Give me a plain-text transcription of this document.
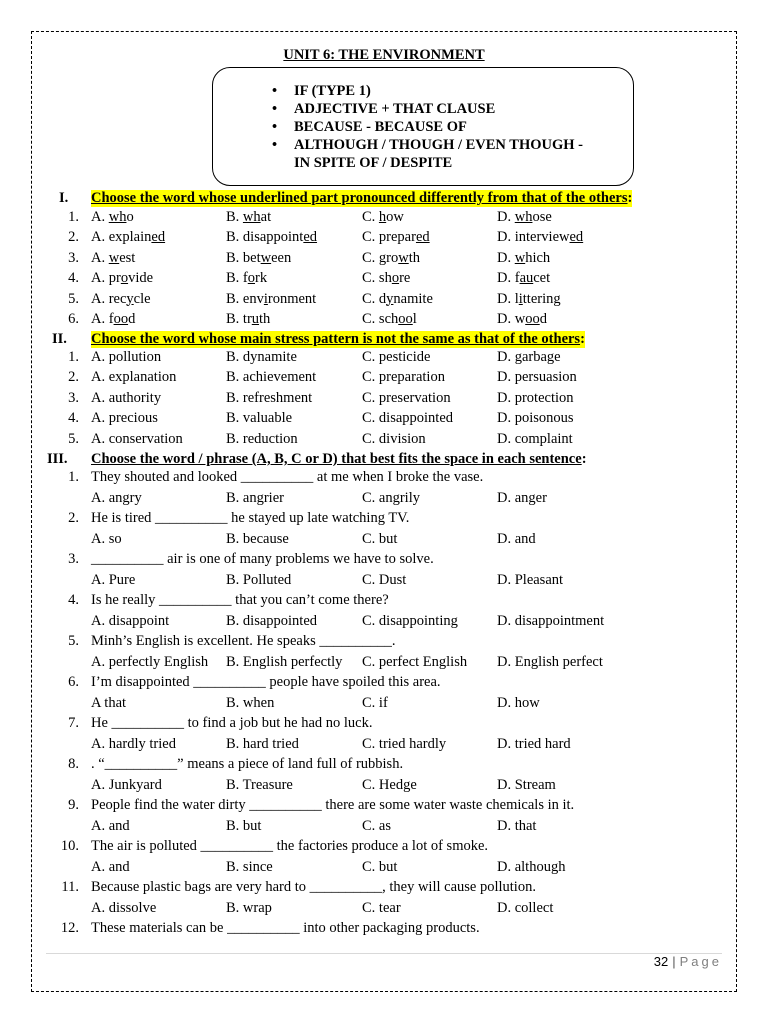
UNIT 6: THE ENVIRONMENT
• IF (TYPE 1)
• ADJECTIVE + THAT CLAUSE
• BECAUSE - BECAUSE OF
• ALTHOUGH / THOUGH / EVEN THOUGH -
IN SPITE OF / DESPITE
I. Choose the word whose underlined part pronounced differently from that of the others:
1. A. who	B. what	C. how	D. whose
2. A. explained	B. disappointed	C. prepared	D. interviewed
3. A. west	B. between	C. growth	D. which
4. A. provide	B. fork	C. shore	D. faucet
5. A. recycle	B. environment	C. dynamite	D. littering
6. A. food	B. truth	C. school	D. wood
II. Choose the word whose main stress pattern is not the same as that of the others:
1. A. pollution	B. dynamite	C. pesticide	D. garbage
2. A. explanation	B. achievement	C. preparation	D. persuasion
3. A. authority	B. refreshment	C. preservation	D. protection
4. A. precious	B. valuable	C. disappointed	D. poisonous
5. A. conservation	B. reduction	C. division	D. complaint
III. Choose the word / phrase (A, B, C or D) that best fits the space in each sentence:
1. They shouted and looked __________ at me when I broke the vase.
A. angry	B. angrier	C. angrily	D. anger
2. He is tired __________ he stayed up late watching TV.
A. so	B. because	C. but	D. and
3. __________ air is one of many problems we have to solve.
A. Pure	B. Polluted	C. Dust	D. Pleasant
4. Is he really __________ that you can’t come there?
A. disappoint	B. disappointed	C. disappointing	D. disappointment
5. Minh’s English is excellent. He speaks __________.
A. perfectly English B. English perfectly C. perfect English D. English perfect
6. I’m disappointed __________ people have spoiled this area.
A that	B. when	C. if	D. how
7. He __________ to find a job but he had no luck.
A. hardly tried	B. hard tried	C. tried hardly	D. tried hard
8. . “__________” means a piece of land full of rubbish.
A. Junkyard	B. Treasure	C. Hedge	D. Stream
9. People find the water dirty __________ there are some water waste chemicals in it.
A. and	B. but	C. as	D. that
10. The air is polluted __________ the factories produce a lot of smoke.
A. and	B. since	C. but	D. although
11. Because plastic bags are very hard to __________, they will cause pollution.
A. dissolve	B. wrap	C. tear	D. collect
12. These materials can be __________ into other packaging products.
32 | Page
